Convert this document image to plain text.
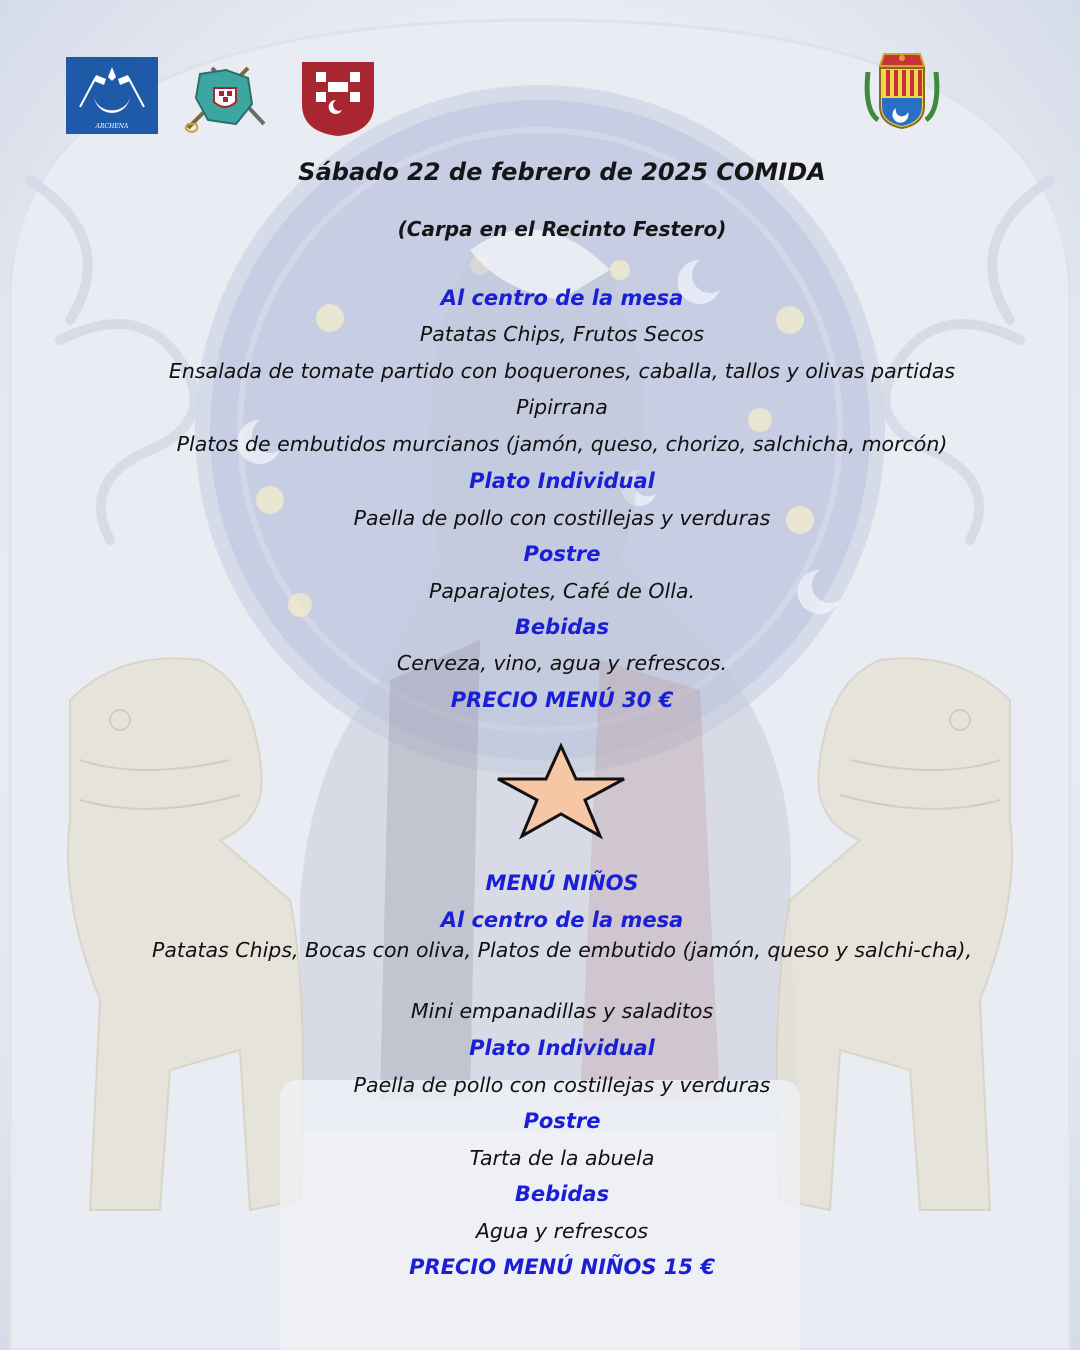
ARCHENA
Sábado 22 de febrero de 2025 COMIDA
(Carpa en el Recinto Festero)
Al centro de la mesa
Patatas Chips, Frutos Secos
Ensalada de tomate partido con boquerones, caballa, tallos y olivas partidas
Pipirrana
Platos de embutidos murcianos (jamón, queso, chorizo, salchicha, morcón)
Plato Individual
Paella de pollo con costillejas y verduras
Postre
Paparajotes, Café de Olla.
Bebidas
Cerveza, vino, agua y refrescos.
PRECIO MENÚ 30 €
MENÚ NIÑOS
Al centro de la mesa
Patatas Chips, Bocas con oliva, Platos de embutido (jamón, queso y salchi-cha),
Mini empanadillas y saladitos
Plato Individual
Paella de pollo con costillejas y verduras
Postre
Tarta de la abuela
Bebidas
Agua y refrescos
PRECIO MENÚ NIÑOS 15 €
